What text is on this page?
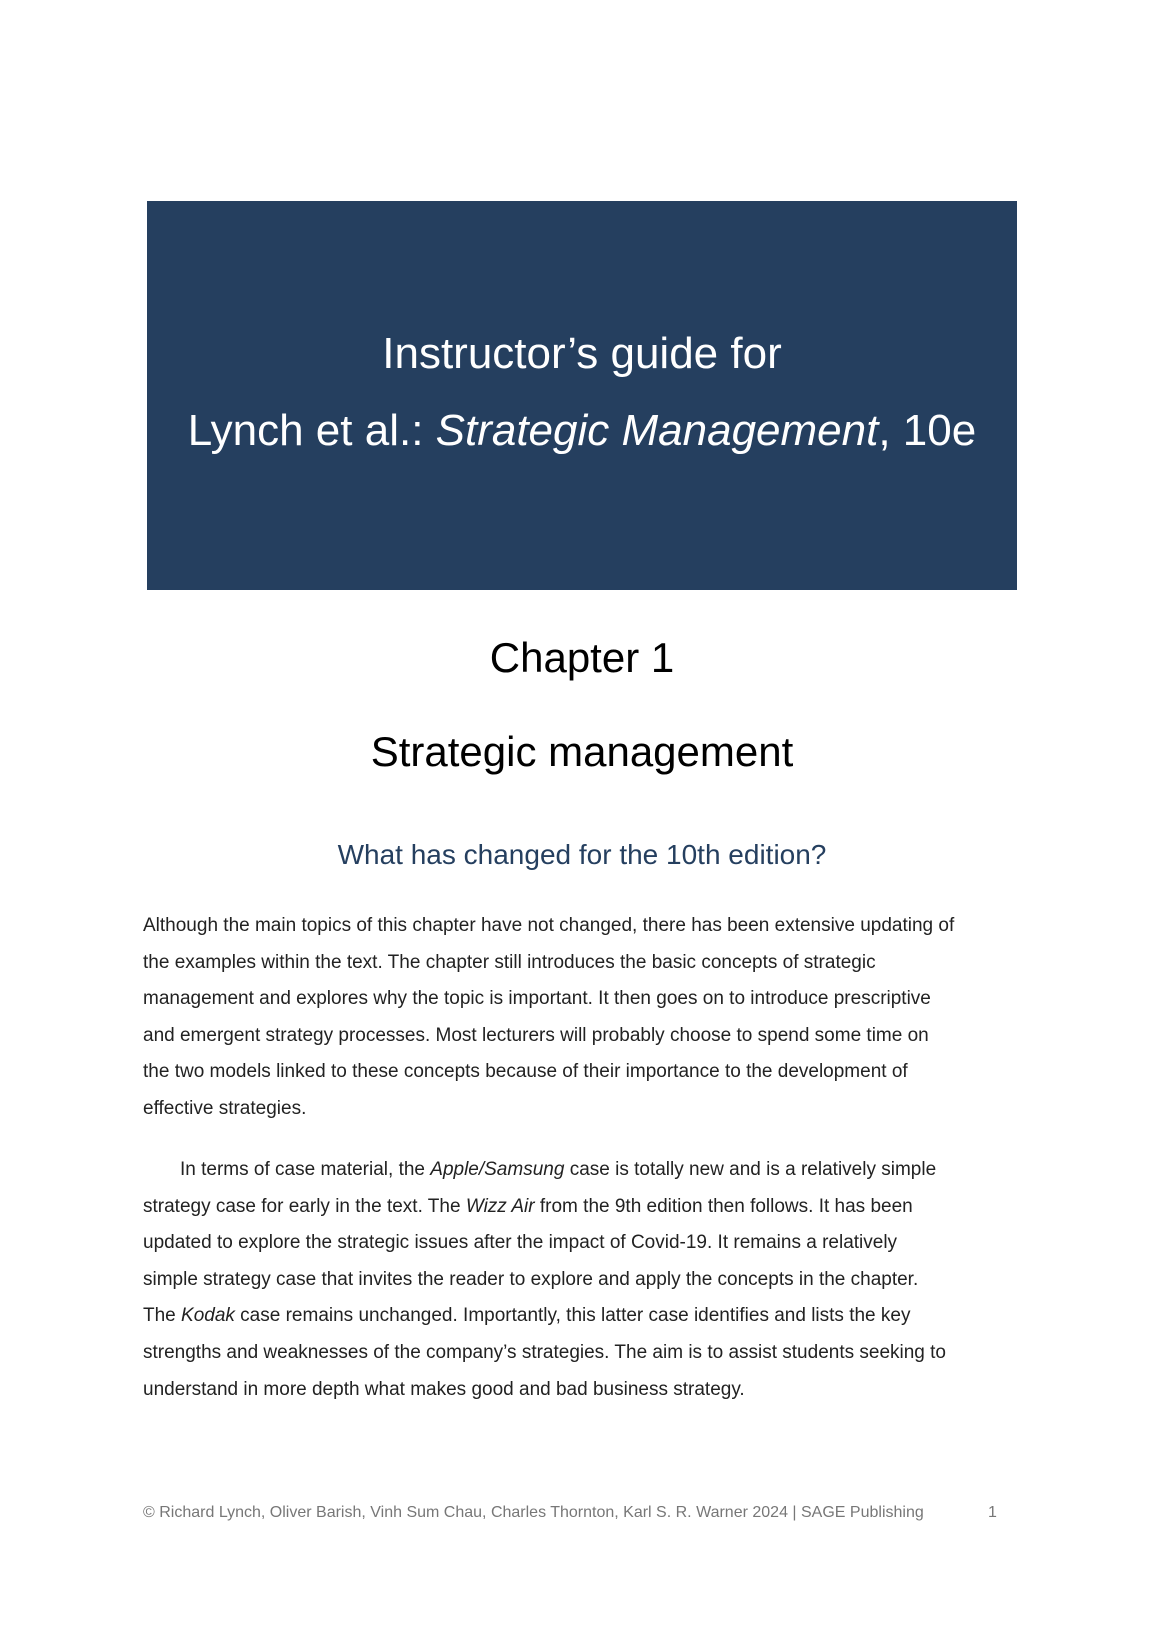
Instructor’s guide for
Lynch et al.: Strategic Management, 10e
Chapter 1
Strategic management
What has changed for the 10th edition?
Although the main topics of this chapter have not changed, there has been extensive updating of
the examples within the text. The chapter still introduces the basic concepts of strategic
management and explores why the topic is important. It then goes on to introduce prescriptive
and emergent strategy processes. Most lecturers will probably choose to spend some time on
the two models linked to these concepts because of their importance to the development of
effective strategies.
In terms of case material, the Apple/Samsung case is totally new and is a relatively simple
strategy case for early in the text. The Wizz Air from the 9th edition then follows. It has been
updated to explore the strategic issues after the impact of Covid-19. It remains a relatively
simple strategy case that invites the reader to explore and apply the concepts in the chapter.
The Kodak case remains unchanged. Importantly, this latter case identifies and lists the key
strengths and weaknesses of the company’s strategies. The aim is to assist students seeking to
understand in more depth what makes good and bad business strategy.
© Richard Lynch, Oliver Barish, Vinh Sum Chau, Charles Thornton, Karl S. R. Warner 2024 | SAGE Publishing	1
